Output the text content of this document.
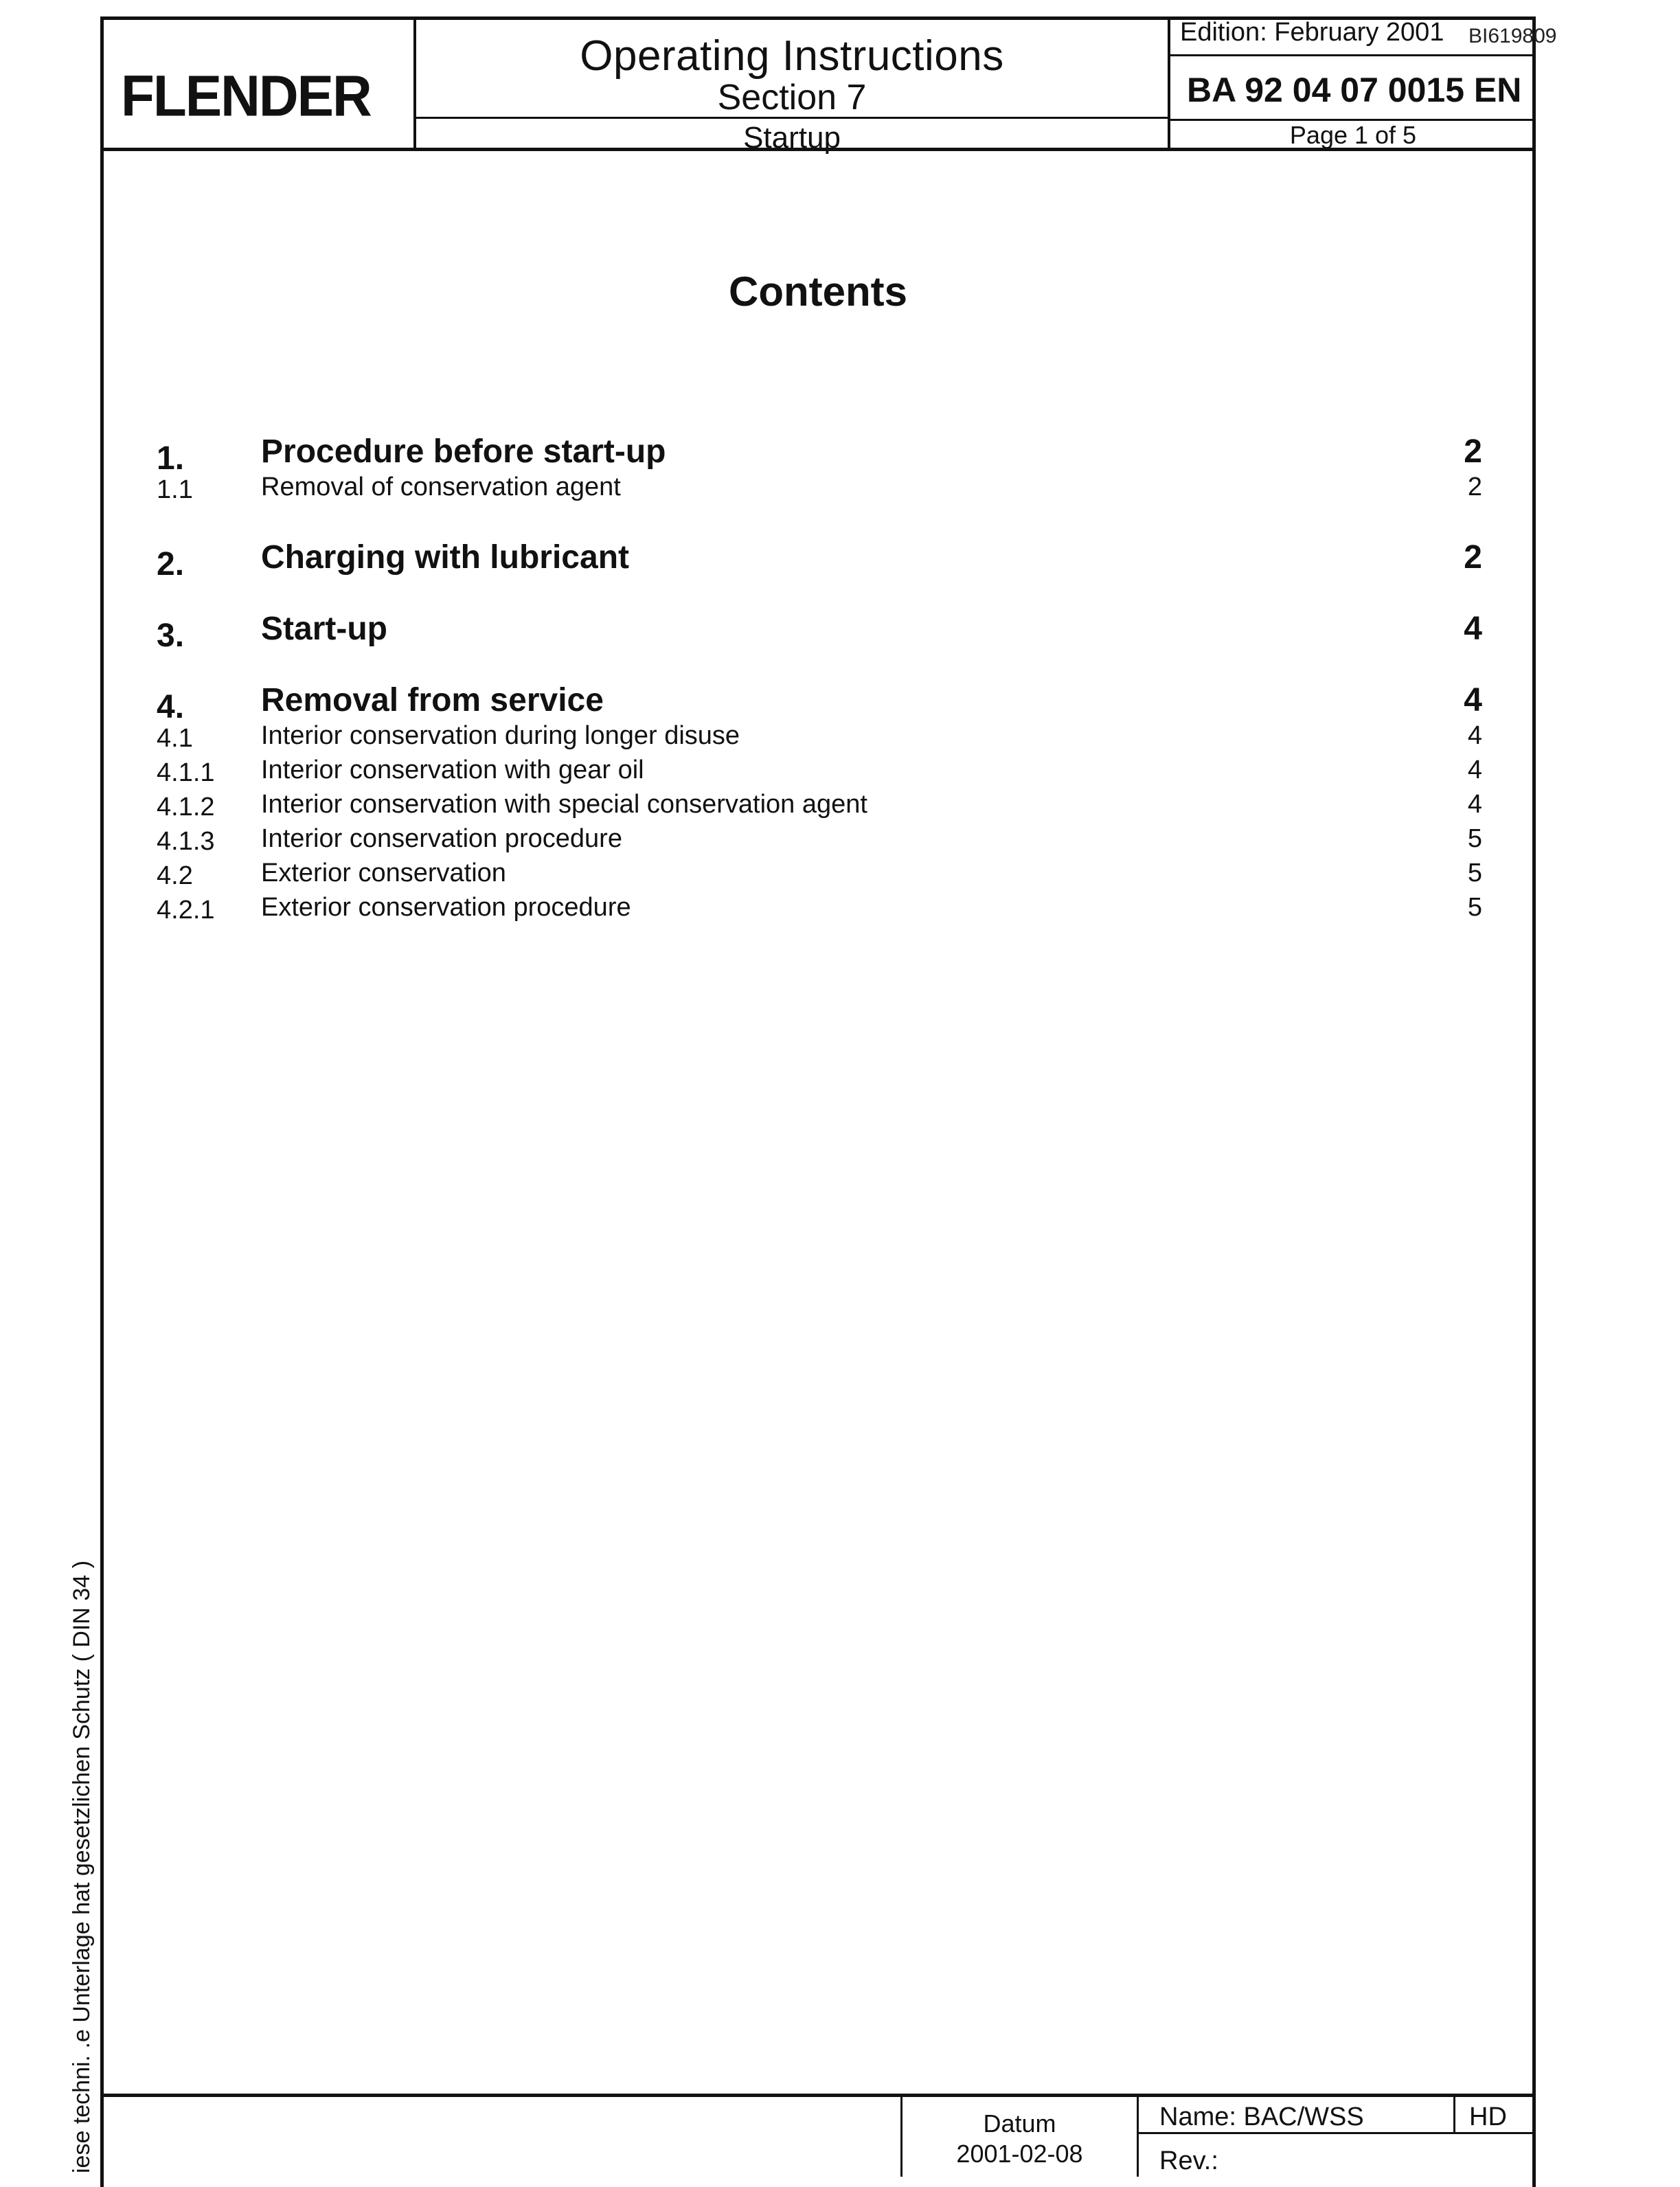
FLENDER
Operating Instructions
Section 7
Startup
Edition: February 2001
BA 92 04 07 0015 EN
Page 1 of 5
BI619809
Contents
1. Procedure before start-up	2
1.1	Removal of conservation agent	2
2. Charging with lubricant	2
3. Start-up	4
4. Removal from service	4
4.1	Interior conservation during longer disuse	4
4.1.1 Interior conservation with gear oil	4
4.1.2 Interior conservation with special conservation agent	4
4.1.3 Interior conservation procedure	5
4.2	Exterior conservation	5
4.2.1 Exterior conservation procedure	5
iese techni. .e Unterlage hat gesetzlichen Schutz ( DIN 34 )	Datum
2001-02-08
Name: BAC/WSS	HD
Rev.:
